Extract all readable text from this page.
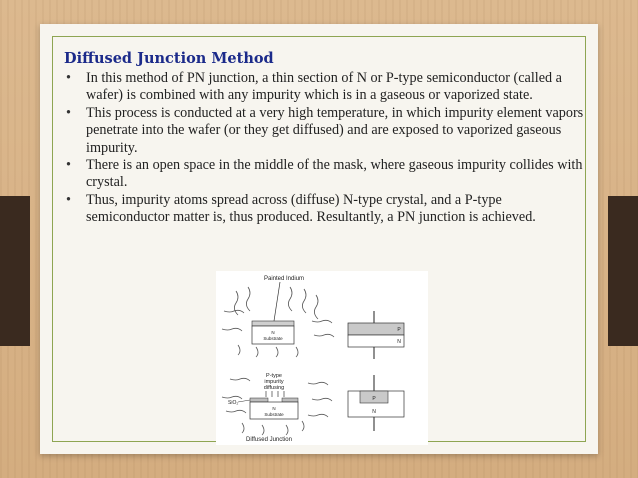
Diffused Junction Method
• In this method of PN junction, a thin section of N or P-type semiconductor (called a wafer) is combined with any impurity which is in a gaseous or vaporized state.
• This process is conducted at a very high temperature, in which impurity element vapors penetrate into the wafer (or they get diffused) and are exposed to vaporized gaseous impurity.
• There is an open space in the middle of the mask, where gaseous impurity collides with crystal.
• Thus, impurity atoms spread across (diffuse) N-type crystal, and a P-type semiconductor matter is, thus produced. Resultantly, a PN junction is achieved.
Painted Indium
N
Substrate
P-type
impurity
diffusing
N
Substrate
SiO₂
Diffused Junction
P
N
P
N
